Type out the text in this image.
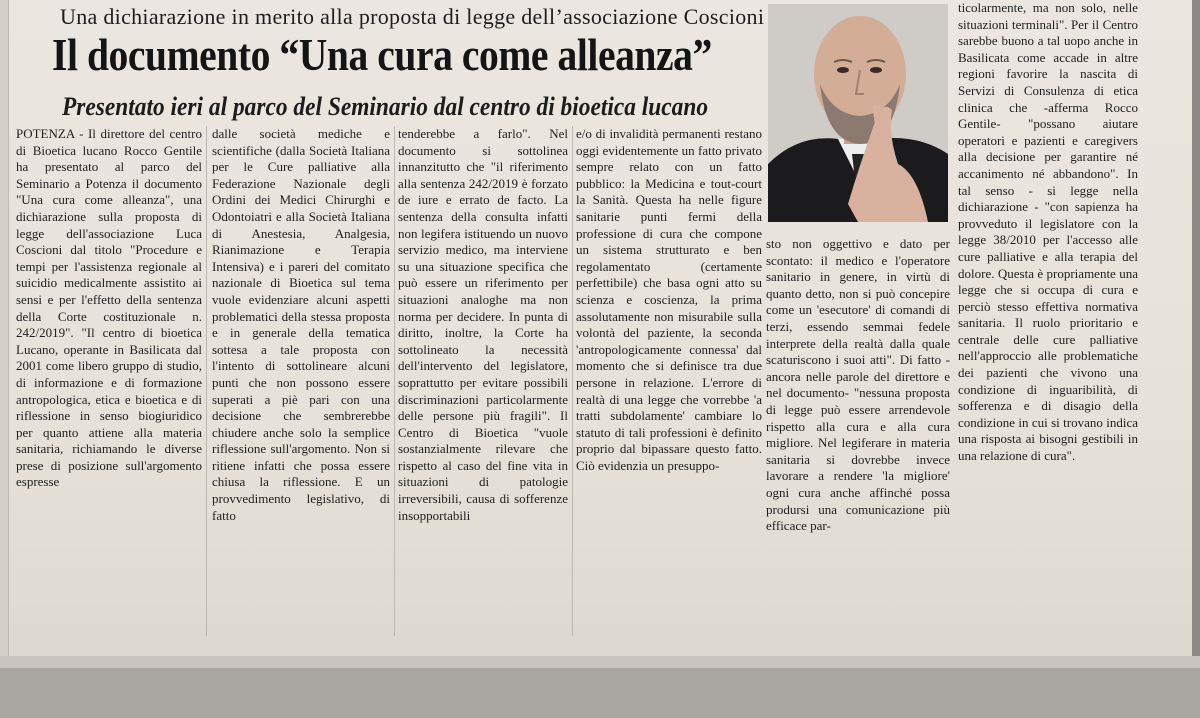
Una dichiarazione in merito alla proposta di legge dell’associazione Coscioni
Il documento “Una cura come alleanza”
Presentato ieri al parco del Seminario dal centro di bioetica lucano

POTENZA - Il direttore del centro di Bioetica lucano Rocco Gentile ha presentato al parco del Seminario a Potenza il documento "Una cura come alleanza", una dichiarazione sulla proposta di legge dell'associazione Luca Coscioni dal titolo "Procedure e tempi per l'assistenza regionale al suicidio medicalmente assistito ai sensi e per l'effetto della sentenza della Corte costituzionale n. 242/2019". "Il centro di bioetica Lucano, operante in Basilicata dal 2001 come libero gruppo di studio, di informazione e di formazione antropologica, etica e bioetica e di riflessione in senso biogiuridico per quanto attiene alla materia sanitaria, richiamando le diverse prese di posizione sull'argomento espresse

dalle società mediche e scientifiche (dalla Società Italiana per le Cure palliative alla Federazione Nazionale degli Ordini dei Medici Chirurghi e Odontoiatri e alla Società Italiana di Anestesia, Analgesia, Rianimazione e Terapia Intensiva) e i pareri del comitato nazionale di Bioetica sul tema vuole evidenziare alcuni aspetti problematici della stessa proposta e in generale della tematica sottesa a tale proposta con l'intento di sottolineare alcuni punti che non possono essere superati a piè pari con una decisione che sembrerebbe chiudere anche solo la semplice riflessione sull'argomento. Non si ritiene infatti che possa essere chiusa la riflessione. E un provvedimento legislativo, di fatto

tenderebbe a farlo". Nel documento si sottolinea innanzitutto che "il riferimento alla sentenza 242/2019 è forzato de iure e errato de facto. La sentenza della consulta infatti non legifera istituendo un nuovo servizio medico, ma interviene su una situazione specifica che può essere un riferimento per situazioni analoghe ma non norma per decidere. In punta di diritto, inoltre, la Corte ha sottolineato la necessità dell'intervento del legislatore, soprattutto per evitare possibili discriminazioni particolarmente delle persone più fragili". Il Centro di Bioetica "vuole sostanzialmente rilevare che rispetto al caso del fine vita in situazioni di patologie irreversibili, causa di sofferenze insopportabili

e/o di invalidità permanenti restano oggi evidentemente un fatto privato sempre relato con un fatto pubblico: la Medicina e tout-court la Sanità. Questa ha nelle figure sanitarie punti fermi della professione di cura che compone un sistema strutturato e ben regolamentato (certamente perfettibile) che basa ogni atto su scienza e coscienza, la prima assolutamente non misurabile sulla volontà del paziente, la seconda 'antropologicamente connessa' dal momento che si definisce tra due persone in relazione. L'errore di realtà di una legge che vorrebbe 'a tratti subdolamente' cambiare lo statuto di tali professioni è definito proprio dal bipassare questo fatto. Ciò evidenzia un presuppo-

sto non oggettivo e dato per scontato: il medico e l'operatore sanitario in genere, in virtù di quanto detto, non si può concepire come un 'esecutore' di comandi di terzi, essendo semmai fedele interprete della realtà dalla quale scaturiscono i suoi atti". Di fatto - ancora nelle parole del direttore e nel documento- "nessuna proposta di legge può essere arrendevole rispetto alla cura e alla cura migliore. Nel legiferare in materia sanitaria si dovrebbe invece lavorare a rendere 'la migliore' ogni cura anche affinché possa prodursi una comunicazione più efficace par-

ticolarmente, ma non solo, nelle situazioni terminali". Per il Centro sarebbe buono a tal uopo anche in Basilicata come accade in altre regioni favorire la nascita di Servizi di Consulenza di etica clinica che -afferma Rocco Gentile- "possano aiutare operatori e pazienti e caregivers alla decisione per garantire né accanimento né abbandono". In tal senso - si legge nella dichiarazione - "con sapienza ha provveduto il legislatore con la legge 38/2010 per l'accesso alle cure palliative e alla terapia del dolore. Questa è propriamente una legge che si occupa di cura e perciò stesso effettiva normativa sanitaria. Il ruolo prioritario e centrale delle cure palliative nell'approccio alle problematiche dei pazienti che vivono una condizione di inguaribilità, di sofferenza e di disagio della condizione in cui si trovano indica una risposta ai bisogni gestibili in una relazione di cura".
